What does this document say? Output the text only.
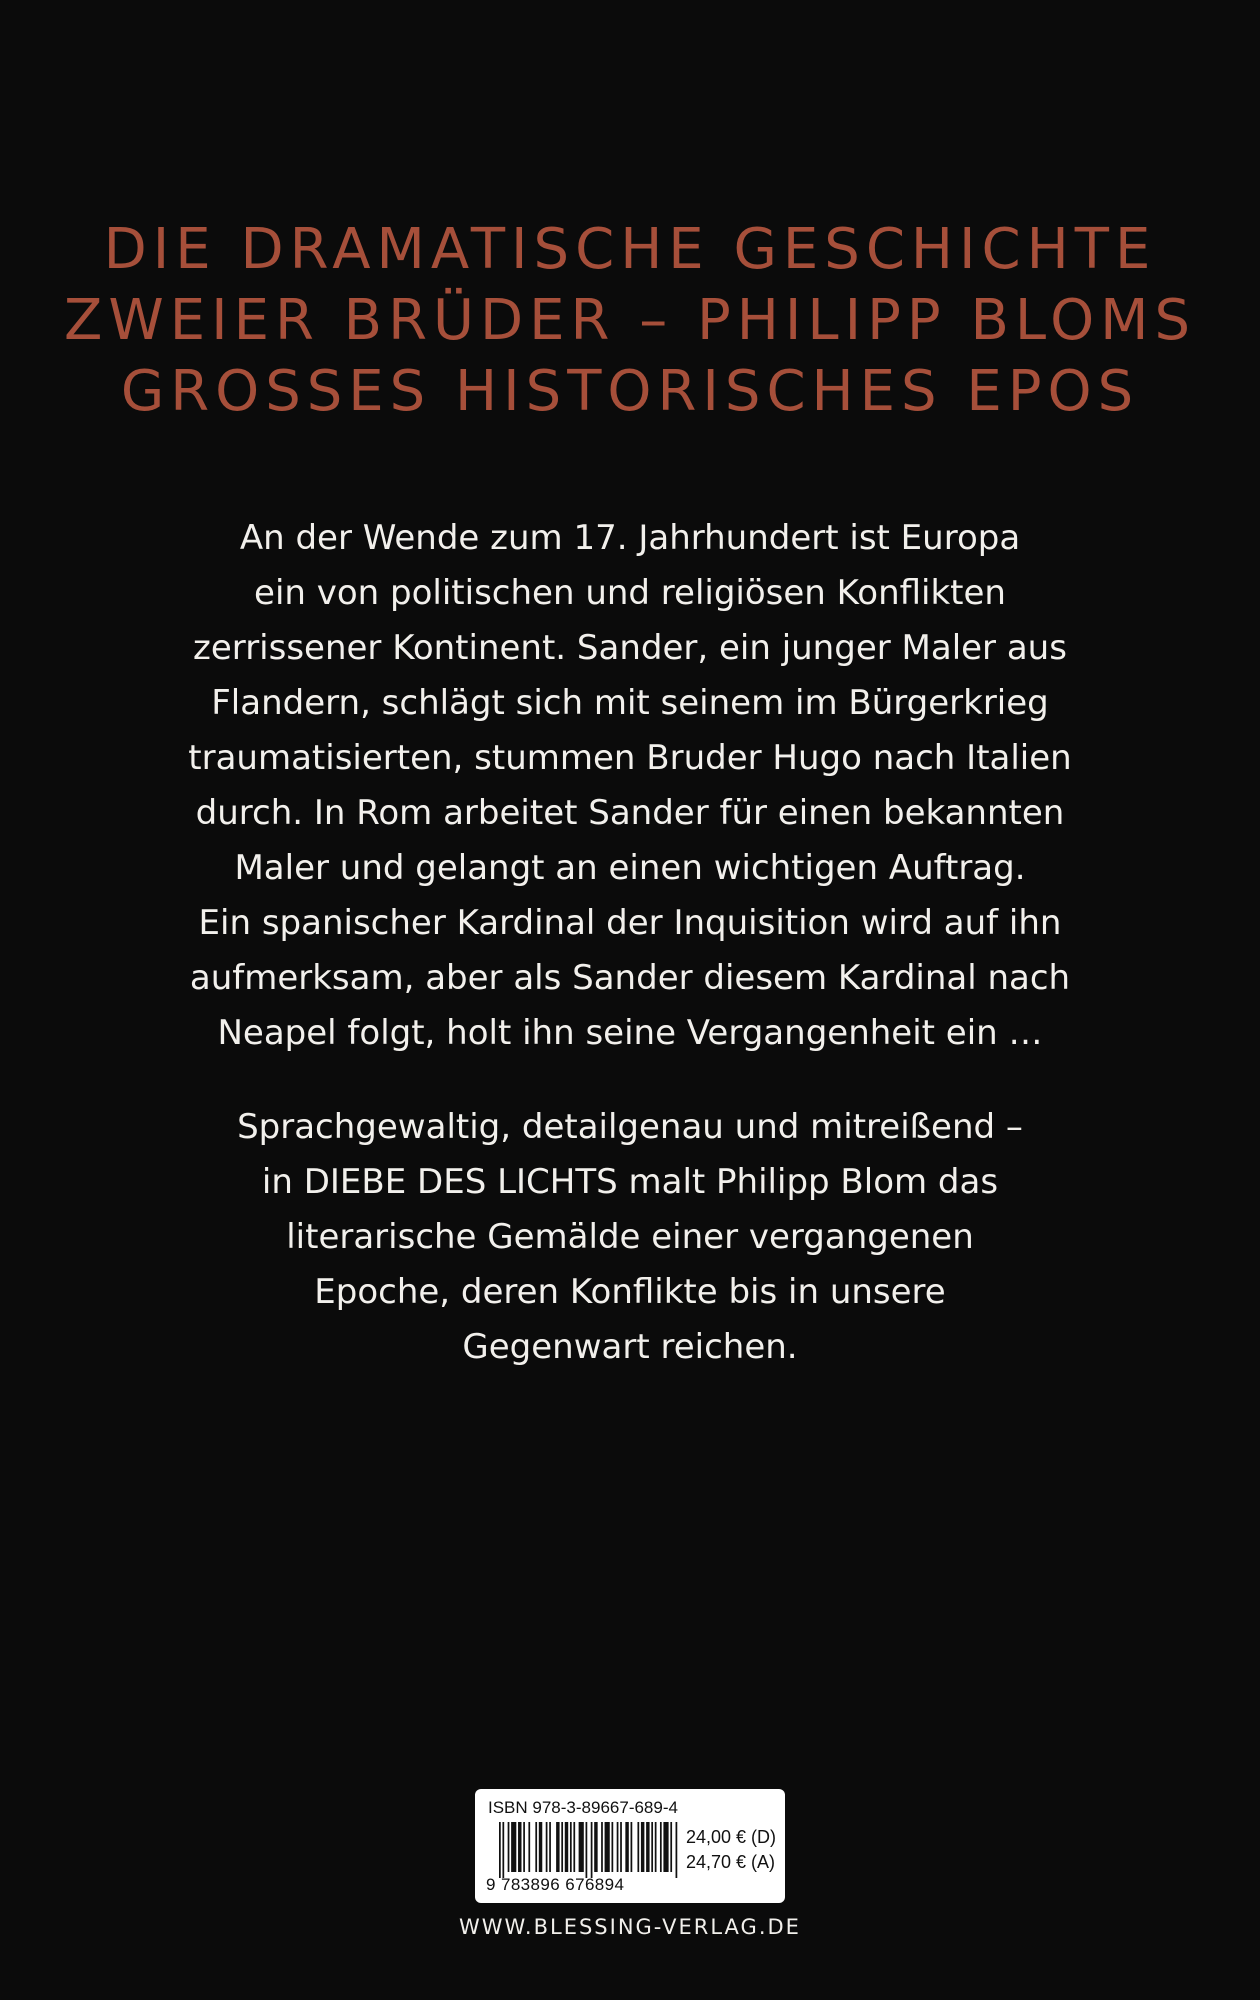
DIE DRAMATISCHE GESCHICHTE
ZWEIER BRÜDER – PHILIPP BLOMS
GROSSES HISTORISCHES EPOS
An der Wende zum 17. Jahrhundert ist Europa
ein von politischen und religiösen Konflikten
zerrissener Kontinent. Sander, ein junger Maler aus
Flandern, schlägt sich mit seinem im Bürgerkrieg
traumatisierten, stummen Bruder Hugo nach Italien
durch. In Rom arbeitet Sander für einen bekannten
Maler und gelangt an einen wichtigen Auftrag.
Ein spanischer Kardinal der Inquisition wird auf ihn
aufmerksam, aber als Sander diesem Kardinal nach
Neapel folgt, holt ihn seine Vergangenheit ein …
Sprachgewaltig, detailgenau und mitreißend –
in DIEBE DES LICHTS malt Philipp Blom das
literarische Gemälde einer vergangenen
Epoche, deren Konflikte bis in unsere
Gegenwart reichen.
ISBN 978-3-89667-689-4
9 783896 676894
24,00 € (D)
24,70 € (A)
WWW.BLESSING-VERLAG.DE
